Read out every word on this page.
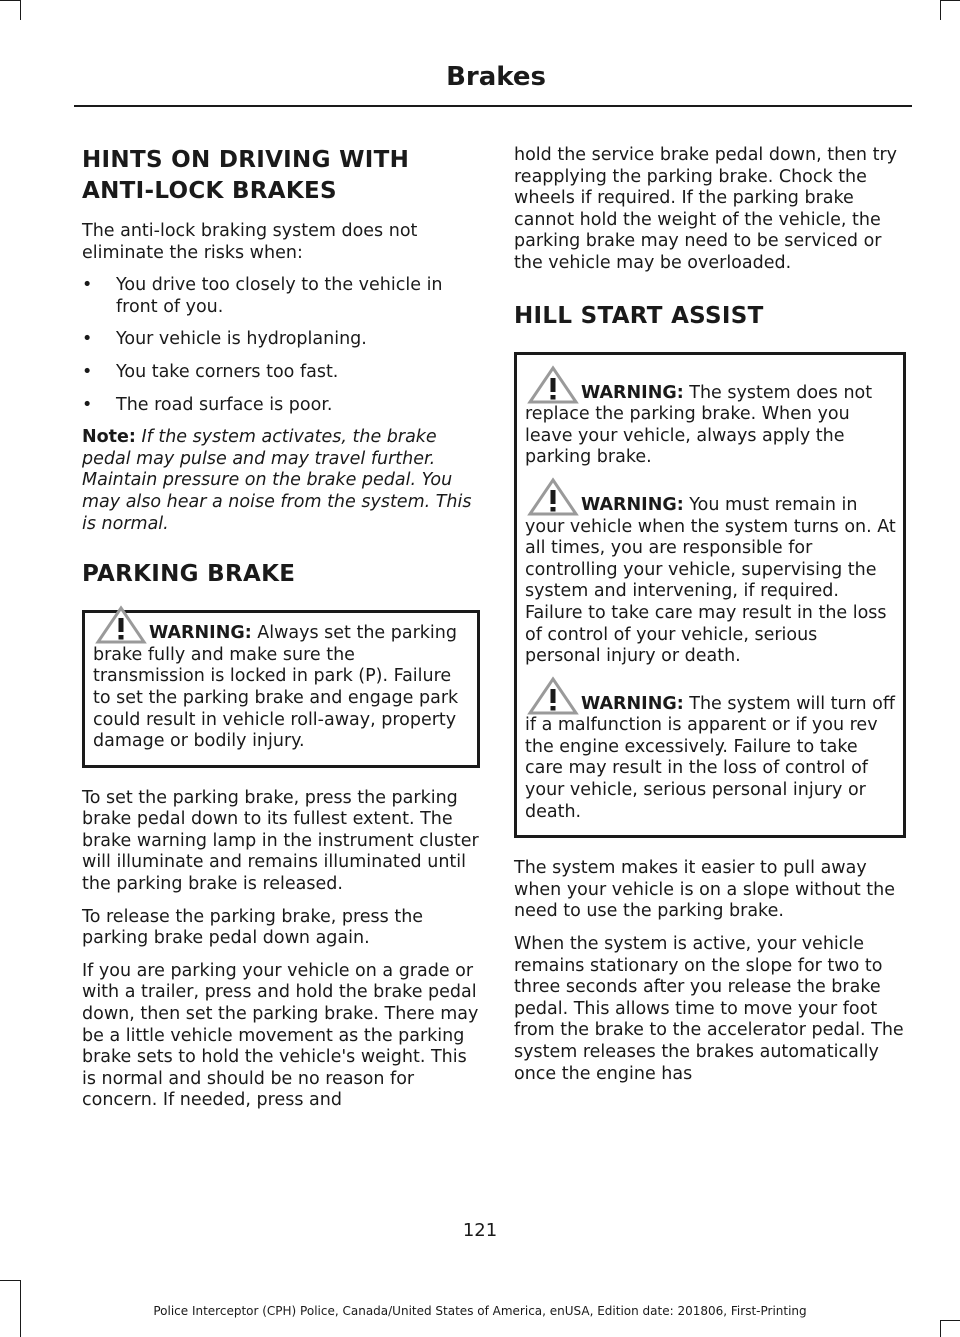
Brakes
HINTS ON DRIVING WITH
ANTI-LOCK BRAKES

The anti-lock braking system does not eliminate the risks when:

• You drive too closely to the vehicle in front of you.
• Your vehicle is hydroplaning.
• You take corners too fast.
• The road surface is poor.

Note: If the system activates, the brake pedal may pulse and may travel further. Maintain pressure on the brake pedal. You may also hear a noise from the system. This is normal.

PARKING BRAKE

WARNING: Always set the parking brake fully and make sure the transmission is locked in park (P). Failure to set the parking brake and engage park could result in vehicle roll-away, property damage or bodily injury.

To set the parking brake, press the parking brake pedal down to its fullest extent. The brake warning lamp in the instrument cluster will illuminate and remains illuminated until the parking brake is released.

To release the parking brake, press the parking brake pedal down again.

If you are parking your vehicle on a grade or with a trailer, press and hold the brake pedal down, then set the parking brake. There may be a little vehicle movement as the parking brake sets to hold the vehicle's weight. This is normal and should be no reason for concern. If needed, press and

hold the service brake pedal down, then try reapplying the parking brake. Chock the wheels if required. If the parking brake cannot hold the weight of the vehicle, the parking brake may need to be serviced or the vehicle may be overloaded.

HILL START ASSIST

WARNING: The system does not replace the parking brake. When you leave your vehicle, always apply the parking brake.

WARNING: You must remain in your vehicle when the system turns on. At all times, you are responsible for controlling your vehicle, supervising the system and intervening, if required. Failure to take care may result in the loss of control of your vehicle, serious personal injury or death.

WARNING: The system will turn off if a malfunction is apparent or if you rev the engine excessively. Failure to take care may result in the loss of control of your vehicle, serious personal injury or death.

The system makes it easier to pull away when your vehicle is on a slope without the need to use the parking brake.

When the system is active, your vehicle remains stationary on the slope for two to three seconds after you release the brake pedal. This allows time to move your foot from the brake to the accelerator pedal. The system releases the brakes automatically once the engine has

121
Police Interceptor (CPH) Police, Canada/United States of America, enUSA, Edition date: 201806, First-Printing
